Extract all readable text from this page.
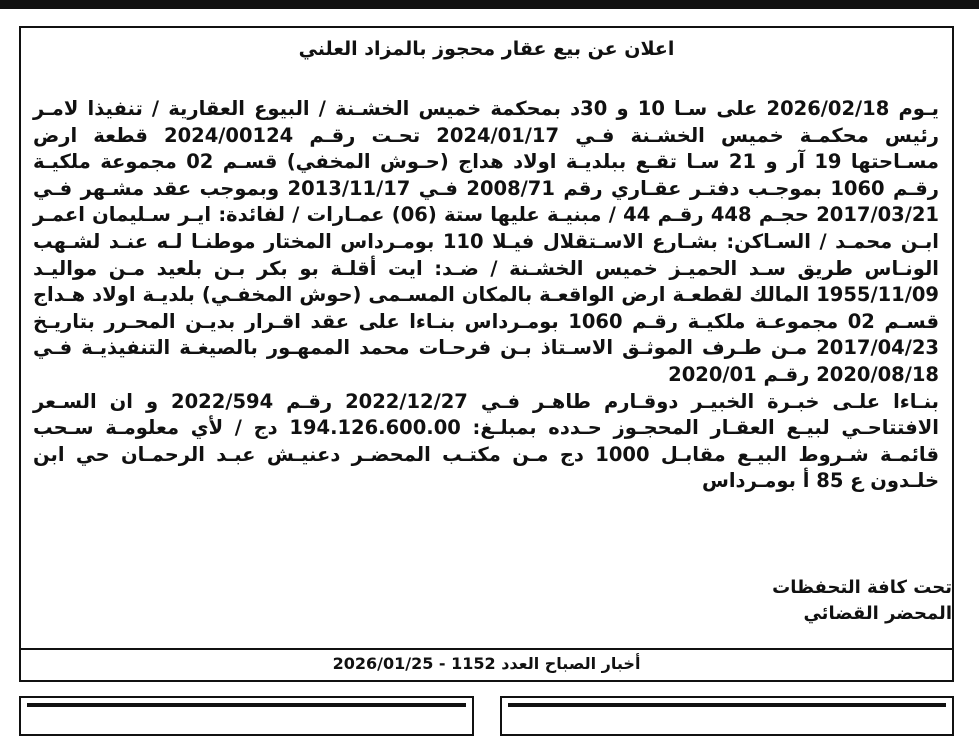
اعلان عن بيع عقار محجوز بالمزاد العلني

يـوم 2026/02/18 على سـا 10 و 30د بمحكمة خميس الخشـنة / البيوع العقارية / تنفيذا لامـر رئيس محكمـة خميس الخشـنة فـي 2024/01/17 تحـت رقـم 2024/00124 قطعة ارض مسـاحتها 19 آر و 21 سـا تقـع ببلديـة اولاد هداج (حـوش المخفي) قسـم 02 مجموعة ملكيـة رقـم 1060 بموجـب دفتـر عقـاري رقم 2008/71 فـي 2013/11/17 وبموجب عقد مشـهر فـي 2017/03/21 حجـم 448 رقـم 44 / مبنيـة عليها ستة (06) عمـارات / لفائدة: ايـر سـليمان اعمـر ابـن محمـد / السـاكن: بشـارع الاسـتقلال فيـلا 110 بومـرداس المختار موطنـا لـه عنـد لشـهب الونـاس طريق سـد الحميـز خميس الخشـنة / ضـد: ايت أقلـة بو بكر بـن بلعيد مـن مواليـد 1955/11/09 المالك لقطعـة ارض الواقعـة بالمكان المسـمى (حوش المخفـي) بلديـة اولاد هـداج قسـم 02 مجموعـة ملكيـة رقـم 1060 بومـرداس بنـاءا على عقد اقـرار بديـن المحـرر بتاريـخ 2017/04/23 مـن طـرف الموثـق الاسـتاذ بـن فرحـات محمد الممهـور بالصيغـة التنفيذيـة فـي 2020/08/18 رقـم 2020/01

بنـاءا علـى خبـرة الخبيـر دوقـارم طاهـر فـي 2022/12/27 رقـم 2022/594 و ان السـعر الافتتاحـي لبيـع العقـار المحجـوز حـدده بمبلـغ: 194.126.600.00 دج / لأي معلومـة سـحب قائمـة شـروط البيـع مقابـل 1000 دج مـن مكتـب المحضـر دعنيـش عبـد الرحمـان حي ابن خلـدون ع 85 أ بومـرداس

تحت كافة التحفظات
المحضر القضائي
أخبار الصباح العدد 1152 - 2026/01/25
